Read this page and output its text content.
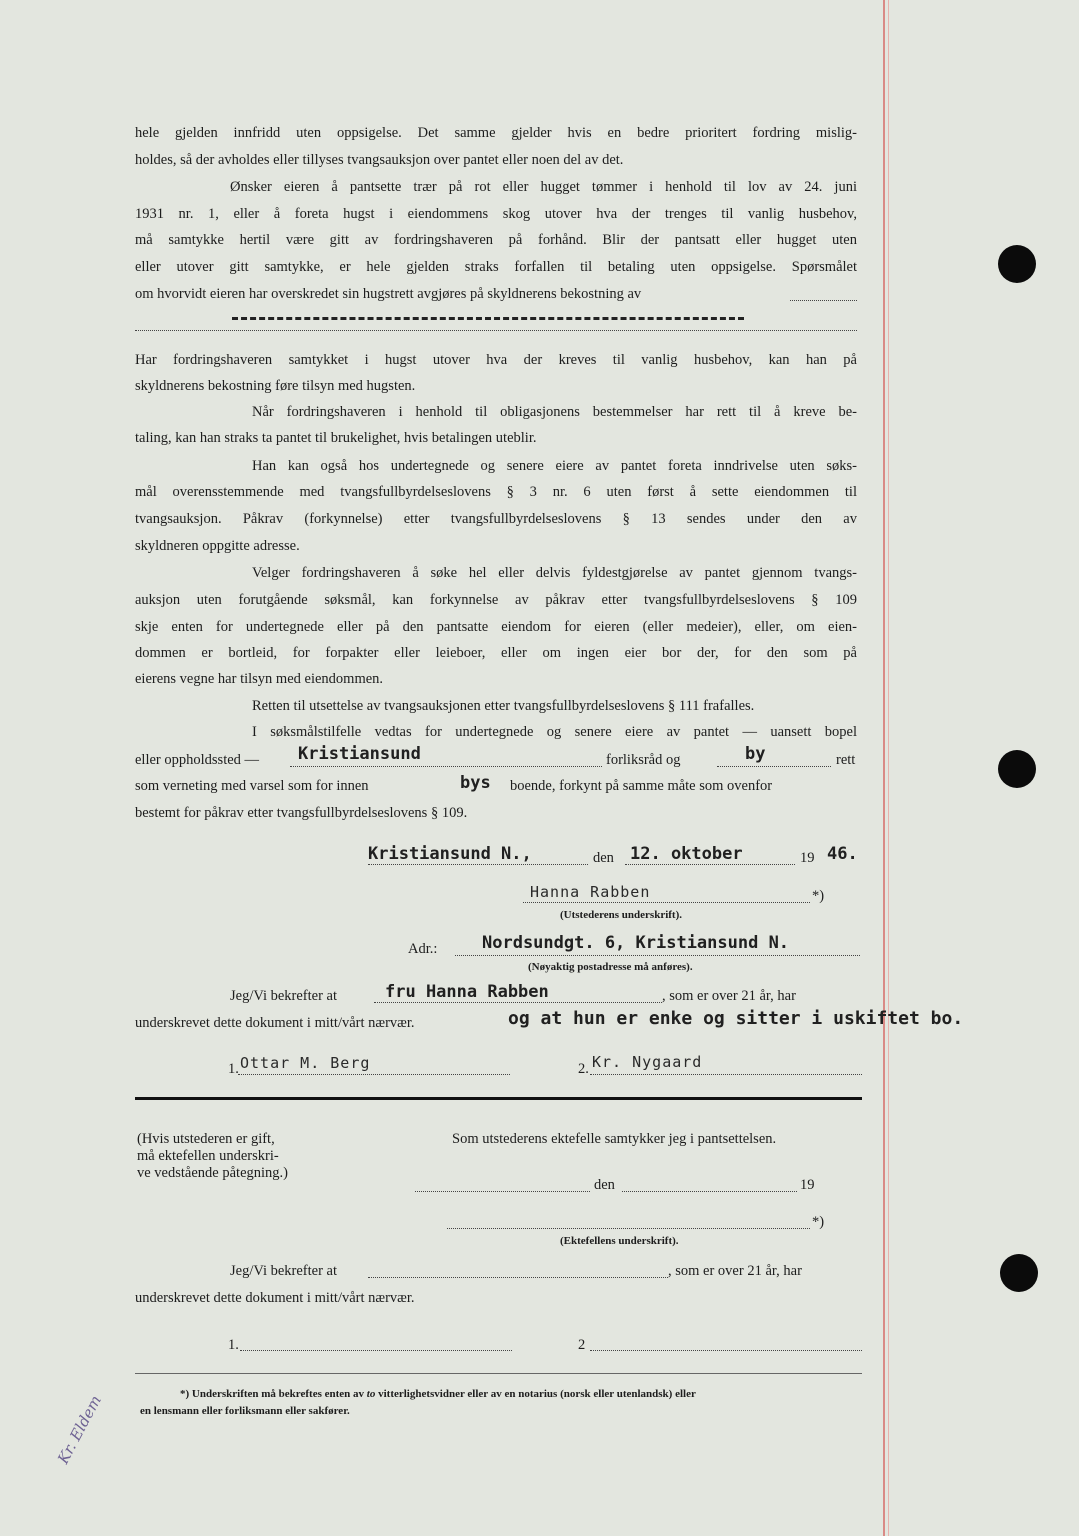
hele gjelden innfridd uten oppsigelse. Det samme gjelder hvis en bedre prioritert fordring mislig-
holdes, så der avholdes eller tillyses tvangsauksjon over pantet eller noen del av det.
Ønsker eieren å pantsette trær på rot eller hugget tømmer i henhold til lov av 24. juni
1931 nr. 1, eller å foreta hugst i eiendommens skog utover hva der trenges til vanlig husbehov,
må samtykke hertil være gitt av fordringshaveren på forhånd. Blir der pantsatt eller hugget uten
eller utover gitt samtykke, er hele gjelden straks forfallen til betaling uten oppsigelse. Spørsmålet
om hvorvidt eieren har overskredet sin hugstrett avgjøres på skyldnerens bekostning av
Har fordringshaveren samtykket i hugst utover hva der kreves til vanlig husbehov, kan han på
skyldnerens bekostning føre tilsyn med hugsten.
Når fordringshaveren i henhold til obligasjonens bestemmelser har rett til å kreve be-
taling, kan han straks ta pantet til brukelighet, hvis betalingen uteblir.
Han kan også hos undertegnede og senere eiere av pantet foreta inndrivelse uten søks-
mål overensstemmende med tvangsfullbyrdelseslovens § 3 nr. 6 uten først å sette eiendommen til
tvangsauksjon. Påkrav (forkynnelse) etter tvangsfullbyrdelseslovens § 13 sendes under den av
skyldneren oppgitte adresse.
Velger fordringshaveren å søke hel eller delvis fyldestgjørelse av pantet gjennom tvangs-
auksjon uten forutgående søksmål, kan forkynnelse av påkrav etter tvangsfullbyrdelseslovens § 109
skje enten for undertegnede eller på den pantsatte eiendom for eieren (eller medeier), eller, om eien-
dommen er bortleid, for forpakter eller leieboer, eller om ingen eier bor der, for den som på
eierens vegne har tilsyn med eiendommen.
Retten til utsettelse av tvangsauksjonen etter tvangsfullbyrdelseslovens § 111 frafalles.
I søksmålstilfelle vedtas for undertegnede og senere eiere av pantet — uansett bopel
eller oppholdssted — Kristiansund	forliksråd og	by	rett
som verneting med varsel som for innen	bys boende, forkynt på samme måte som ovenfor
bestemt for påkrav etter tvangsfullbyrdelseslovens § 109.
Kristiansund N.,	den 12. oktober	19 46.
Hanna Rabben	*)
(Utstederens underskrift).
Adr.:	Nordsundgt. 6, Kristiansund N.
(Nøyaktig postadresse må anføres).
Jeg/Vi bekrefter at	fru Hanna Rabben	, som er over 21 år, har
underskrevet dette dokument i mitt/vårt nærvær.	og at hun er enke og sitter i uskiftet bo.
1. Ottar M. Berg	2. Kr. Nygaard
(Hvis utstederen er gift,
må ektefellen underskri-
ve vedstående påtegning.)
Som utstederens ektefelle samtykker jeg i pantsettelsen.
den	19
*)
(Ektefellens underskrift).
Jeg/Vi bekrefter at	, som er over 21 år, har
underskrevet dette dokument i mitt/vårt nærvær.
1.	2
*) Underskriften må bekreftes enten av to vitterlighetsvidner eller av en notarius (norsk eller utenlandsk) eller
en lensmann eller forliksmann eller sakfører.
Kr. Eldem
